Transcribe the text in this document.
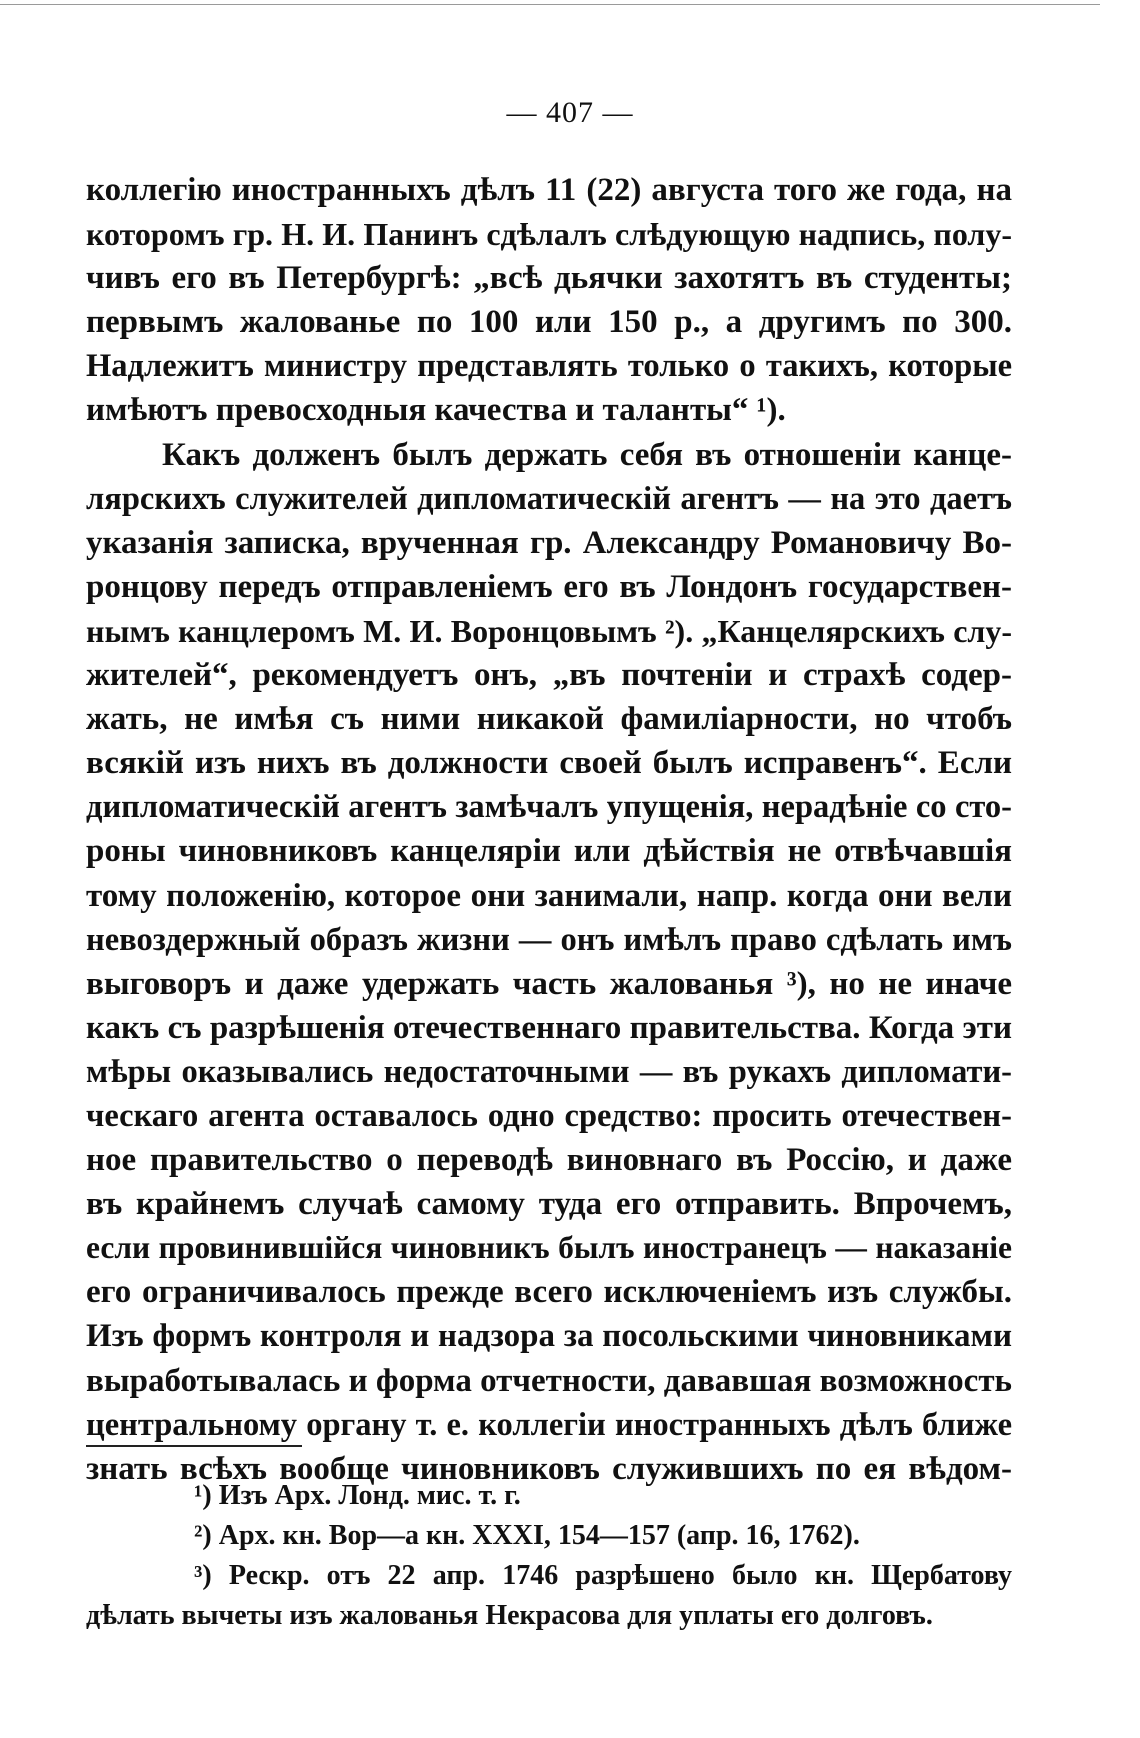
— 407 —
коллегію иностранныхъ дѣлъ 11 (22) августа того же года, на
которомъ гр. Н. И. Панинъ сдѣлалъ слѣдующую надпись, полу-
чивъ его въ Петербургѣ: „всѣ дьячки захотятъ въ студенты;
первымъ жалованье по 100 или 150 р., а другимъ по 300.
Надлежитъ министру представлять только о такихъ, которые
имѣютъ превосходныя качества и таланты“ ¹).
Какъ долженъ былъ держать себя въ отношеніи канце-
лярскихъ служителей дипломатическій агентъ — на это даетъ
указанія записка, врученная гр. Александру Романовичу Во-
ронцову передъ отправленіемъ его въ Лондонъ государствен-
нымъ канцлеромъ М. И. Воронцовымъ ²). „Канцелярскихъ слу-
жителей“, рекомендуетъ онъ, „въ почтеніи и страхѣ содер-
жать, не имѣя съ ними никакой фамиліарности, но чтобъ
всякій изъ нихъ въ должности своей былъ исправенъ“. Если
дипломатическій агентъ замѣчалъ упущенія, нерадѣніе со сто-
роны чиновниковъ канцеляріи или дѣйствія не отвѣчавшія
тому положенію, которое они занимали, напр. когда они вели
невоздержный образъ жизни — онъ имѣлъ право сдѣлать имъ
выговоръ и даже удержать часть жалованья ³), но не иначе
какъ съ разрѣшенія отечественнаго правительства. Когда эти
мѣры оказывались недостаточными — въ рукахъ дипломати-
ческаго агента оставалось одно средство: просить отечествен-
ное правительство о переводѣ виновнаго въ Россію, и даже
въ крайнемъ случаѣ самому туда его отправить. Впрочемъ,
если провинившійся чиновникъ былъ иностранецъ — наказаніе
его ограничивалось прежде всего исключеніемъ изъ службы.
Изъ формъ контроля и надзора за посольскими чиновниками
выработывалась и форма отчетности, дававшая возможность
центральному органу т. е. коллегіи иностранныхъ дѣлъ ближе
знать всѣхъ вообще чиновниковъ служившихъ по ея вѣдом-
¹) Изъ Арх. Лонд. мис. т. г.
²) Арх. кн. Вор—а кн. XXXI, 154—157 (апр. 16, 1762).
³) Рескр. отъ 22 апр. 1746 разрѣшено было кн. Щербатову
дѣлать вычеты изъ жалованья Некрасова для уплаты его долговъ.
